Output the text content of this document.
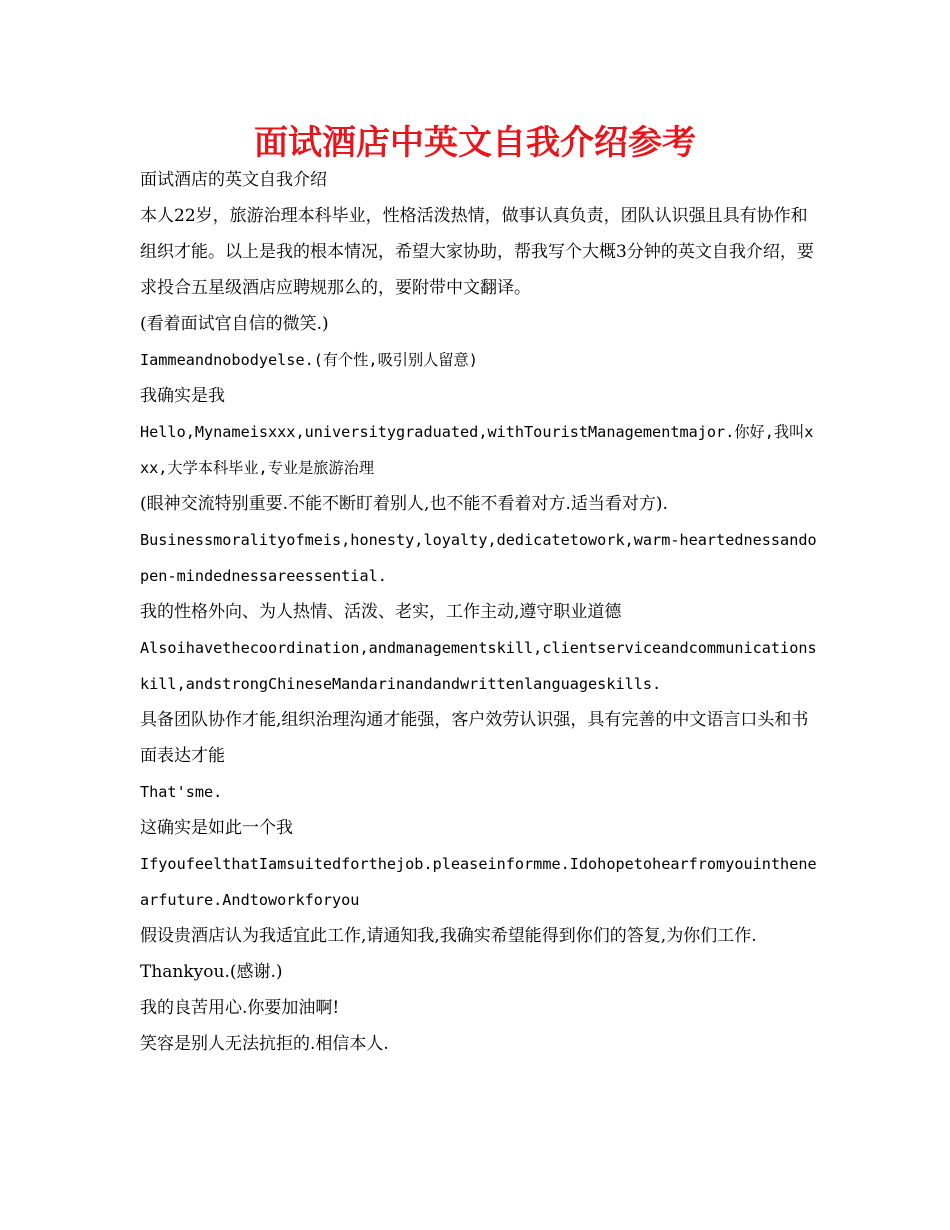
面试酒店中英文自我介绍参考
面试酒店的英文自我介绍
本人22岁，旅游治理本科毕业，性格活泼热情，做事认真负责，团队认识强且具有协作和组织才能。以上是我的根本情况，希望大家协助，帮我写个大概3分钟的英文自我介绍，要求投合五星级酒店应聘规那么的，要附带中文翻译。
(看着面试官自信的微笑.)
Iammeandnobodyelse.(有个性,吸引别人留意)
我确实是我
Hello,Mynameisxxx,universitygraduated,withTouristManagementmajor.你好,我叫xxx,大学本科毕业,专业是旅游治理
(眼神交流特别重要.不能不断盯着别人,也不能不看着对方.适当看对方).
Businessmoralityofmeis,honesty,loyalty,dedicatetowork,warm-heartednessandopen-mindednessareessential.
我的性格外向、为人热情、活泼、老实，工作主动,遵守职业道德
Alsoihavethecoordination,andmanagementskill,clientserviceandcommunicationskill,andstrongChineseMandarinandandwrittenlanguageskills.
具备团队协作才能,组织治理沟通才能强，客户效劳认识强，具有完善的中文语言口头和书面表达才能
That'sme.
这确实是如此一个我
IfyoufeelthatIamsuitedforthejob.pleaseinformme.Idohopetohearfromyouinthenearfuture.Andtoworkforyou
假设贵酒店认为我适宜此工作,请通知我,我确实希望能得到你们的答复,为你们工作.
Thankyou.(感谢.)
我的良苦用心.你要加油啊!
笑容是别人无法抗拒的.相信本人.
